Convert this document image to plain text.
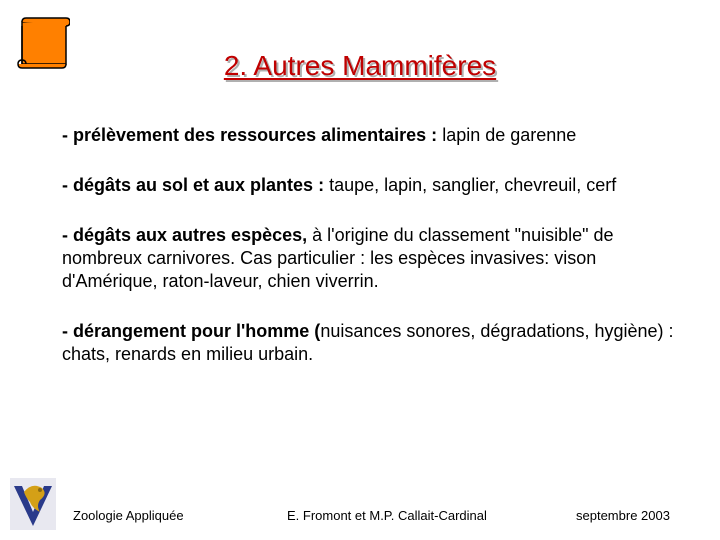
2. Autres Mammifères
- prélèvement des ressources alimentaires : lapin de garenne
- dégâts au sol et aux plantes : taupe, lapin, sanglier, chevreuil, cerf
- dégâts aux autres espèces, à l'origine du classement "nuisible" de nombreux carnivores. Cas particulier : les espèces invasives: vison d'Amérique, raton-laveur, chien viverrin.
- dérangement pour l'homme (nuisances sonores, dégradations, hygiène) : chats, renards en milieu urbain.
Zoologie Appliquée	E. Fromont et M.P. Callait-Cardinal	septembre 2003
